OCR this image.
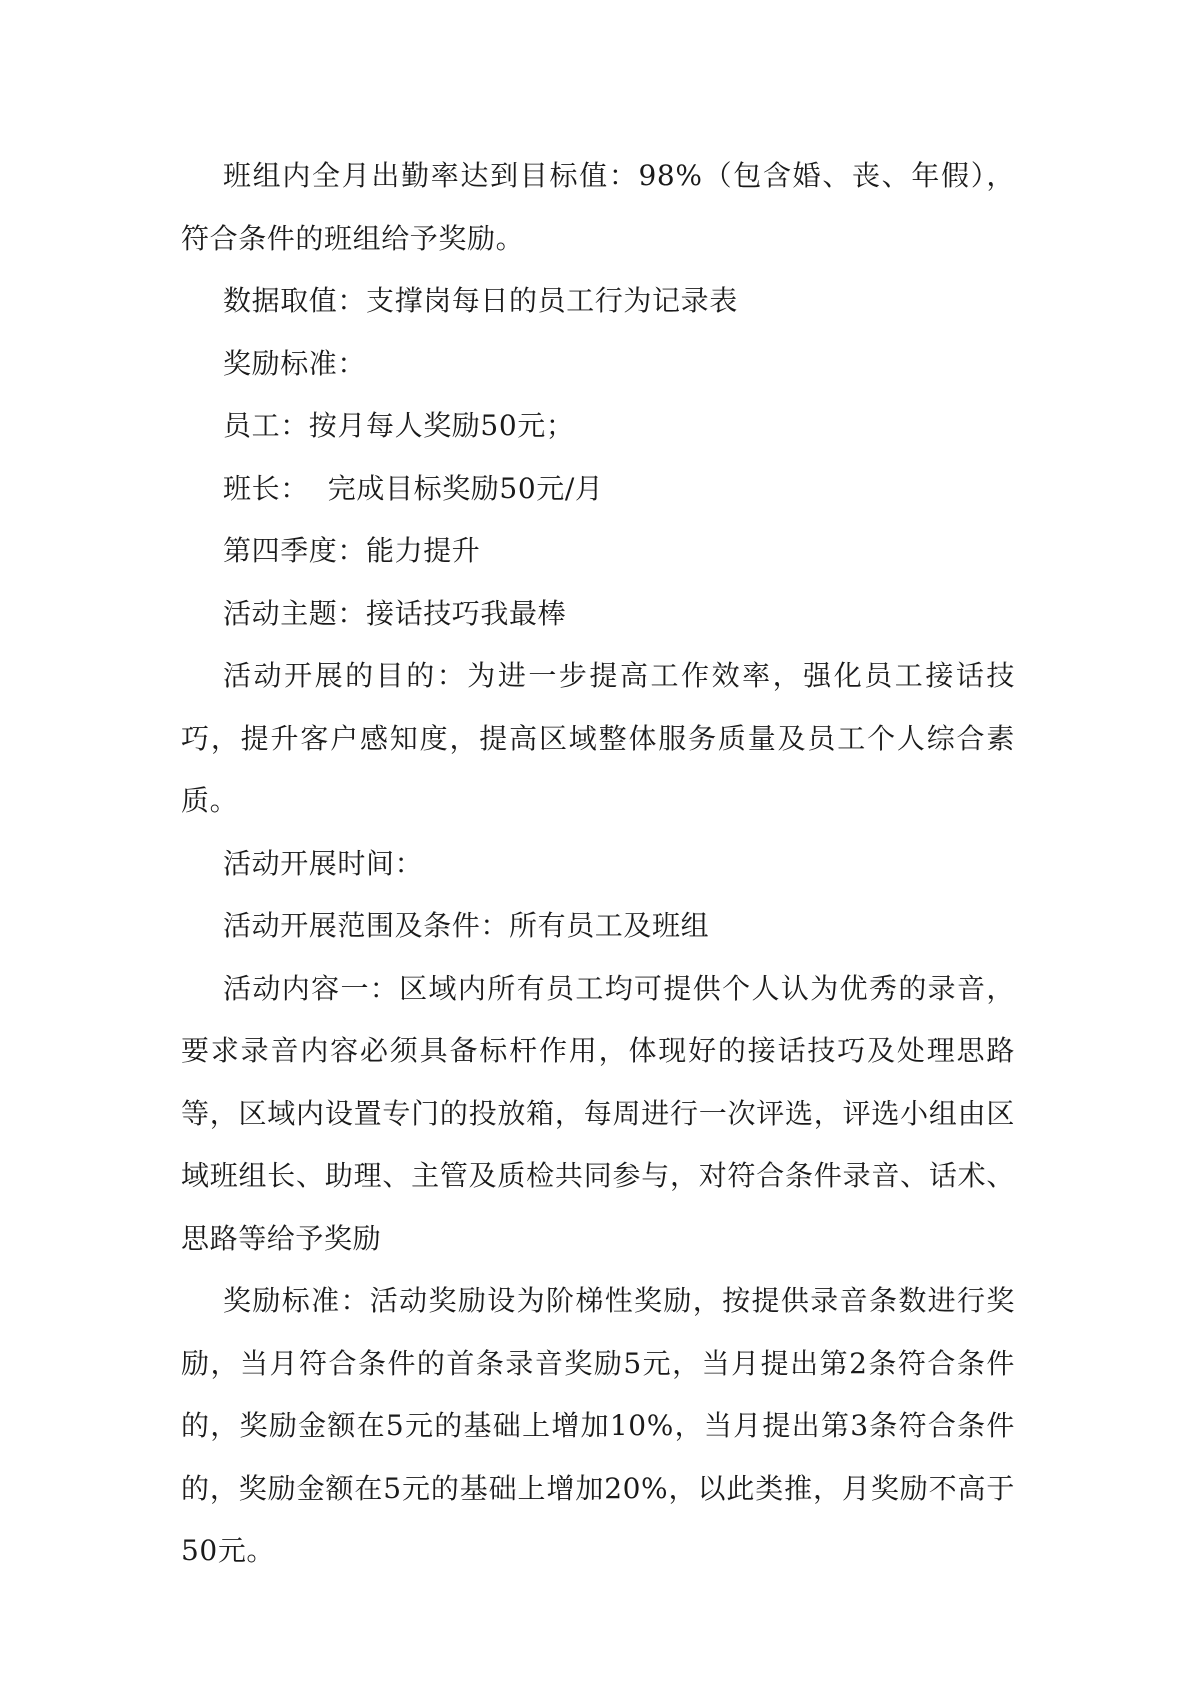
班组内全月出勤率达到目标值：98%（包含婚、丧、年假），符合条件的班组给予奖励。

数据取值：支撑岗每日的员工行为记录表

奖励标准：

员工：按月每人奖励50元；

班长：  完成目标奖励50元/月

第四季度：能力提升

活动主题：接话技巧我最棒

活动开展的目的：为进一步提高工作效率，强化员工接话技巧，提升客户感知度，提高区域整体服务质量及员工个人综合素质。

活动开展时间：

活动开展范围及条件：所有员工及班组

活动内容一：区域内所有员工均可提供个人认为优秀的录音，要求录音内容必须具备标杆作用，体现好的接话技巧及处理思路等，区域内设置专门的投放箱，每周进行一次评选，评选小组由区域班组长、助理、主管及质检共同参与，对符合条件录音、话术、思路等给予奖励

奖励标准：活动奖励设为阶梯性奖励，按提供录音条数进行奖励，当月符合条件的首条录音奖励5元，当月提出第2条符合条件的，奖励金额在5元的基础上增加10%，当月提出第3条符合条件的，奖励金额在5元的基础上增加20%，以此类推，月奖励不高于50元。
